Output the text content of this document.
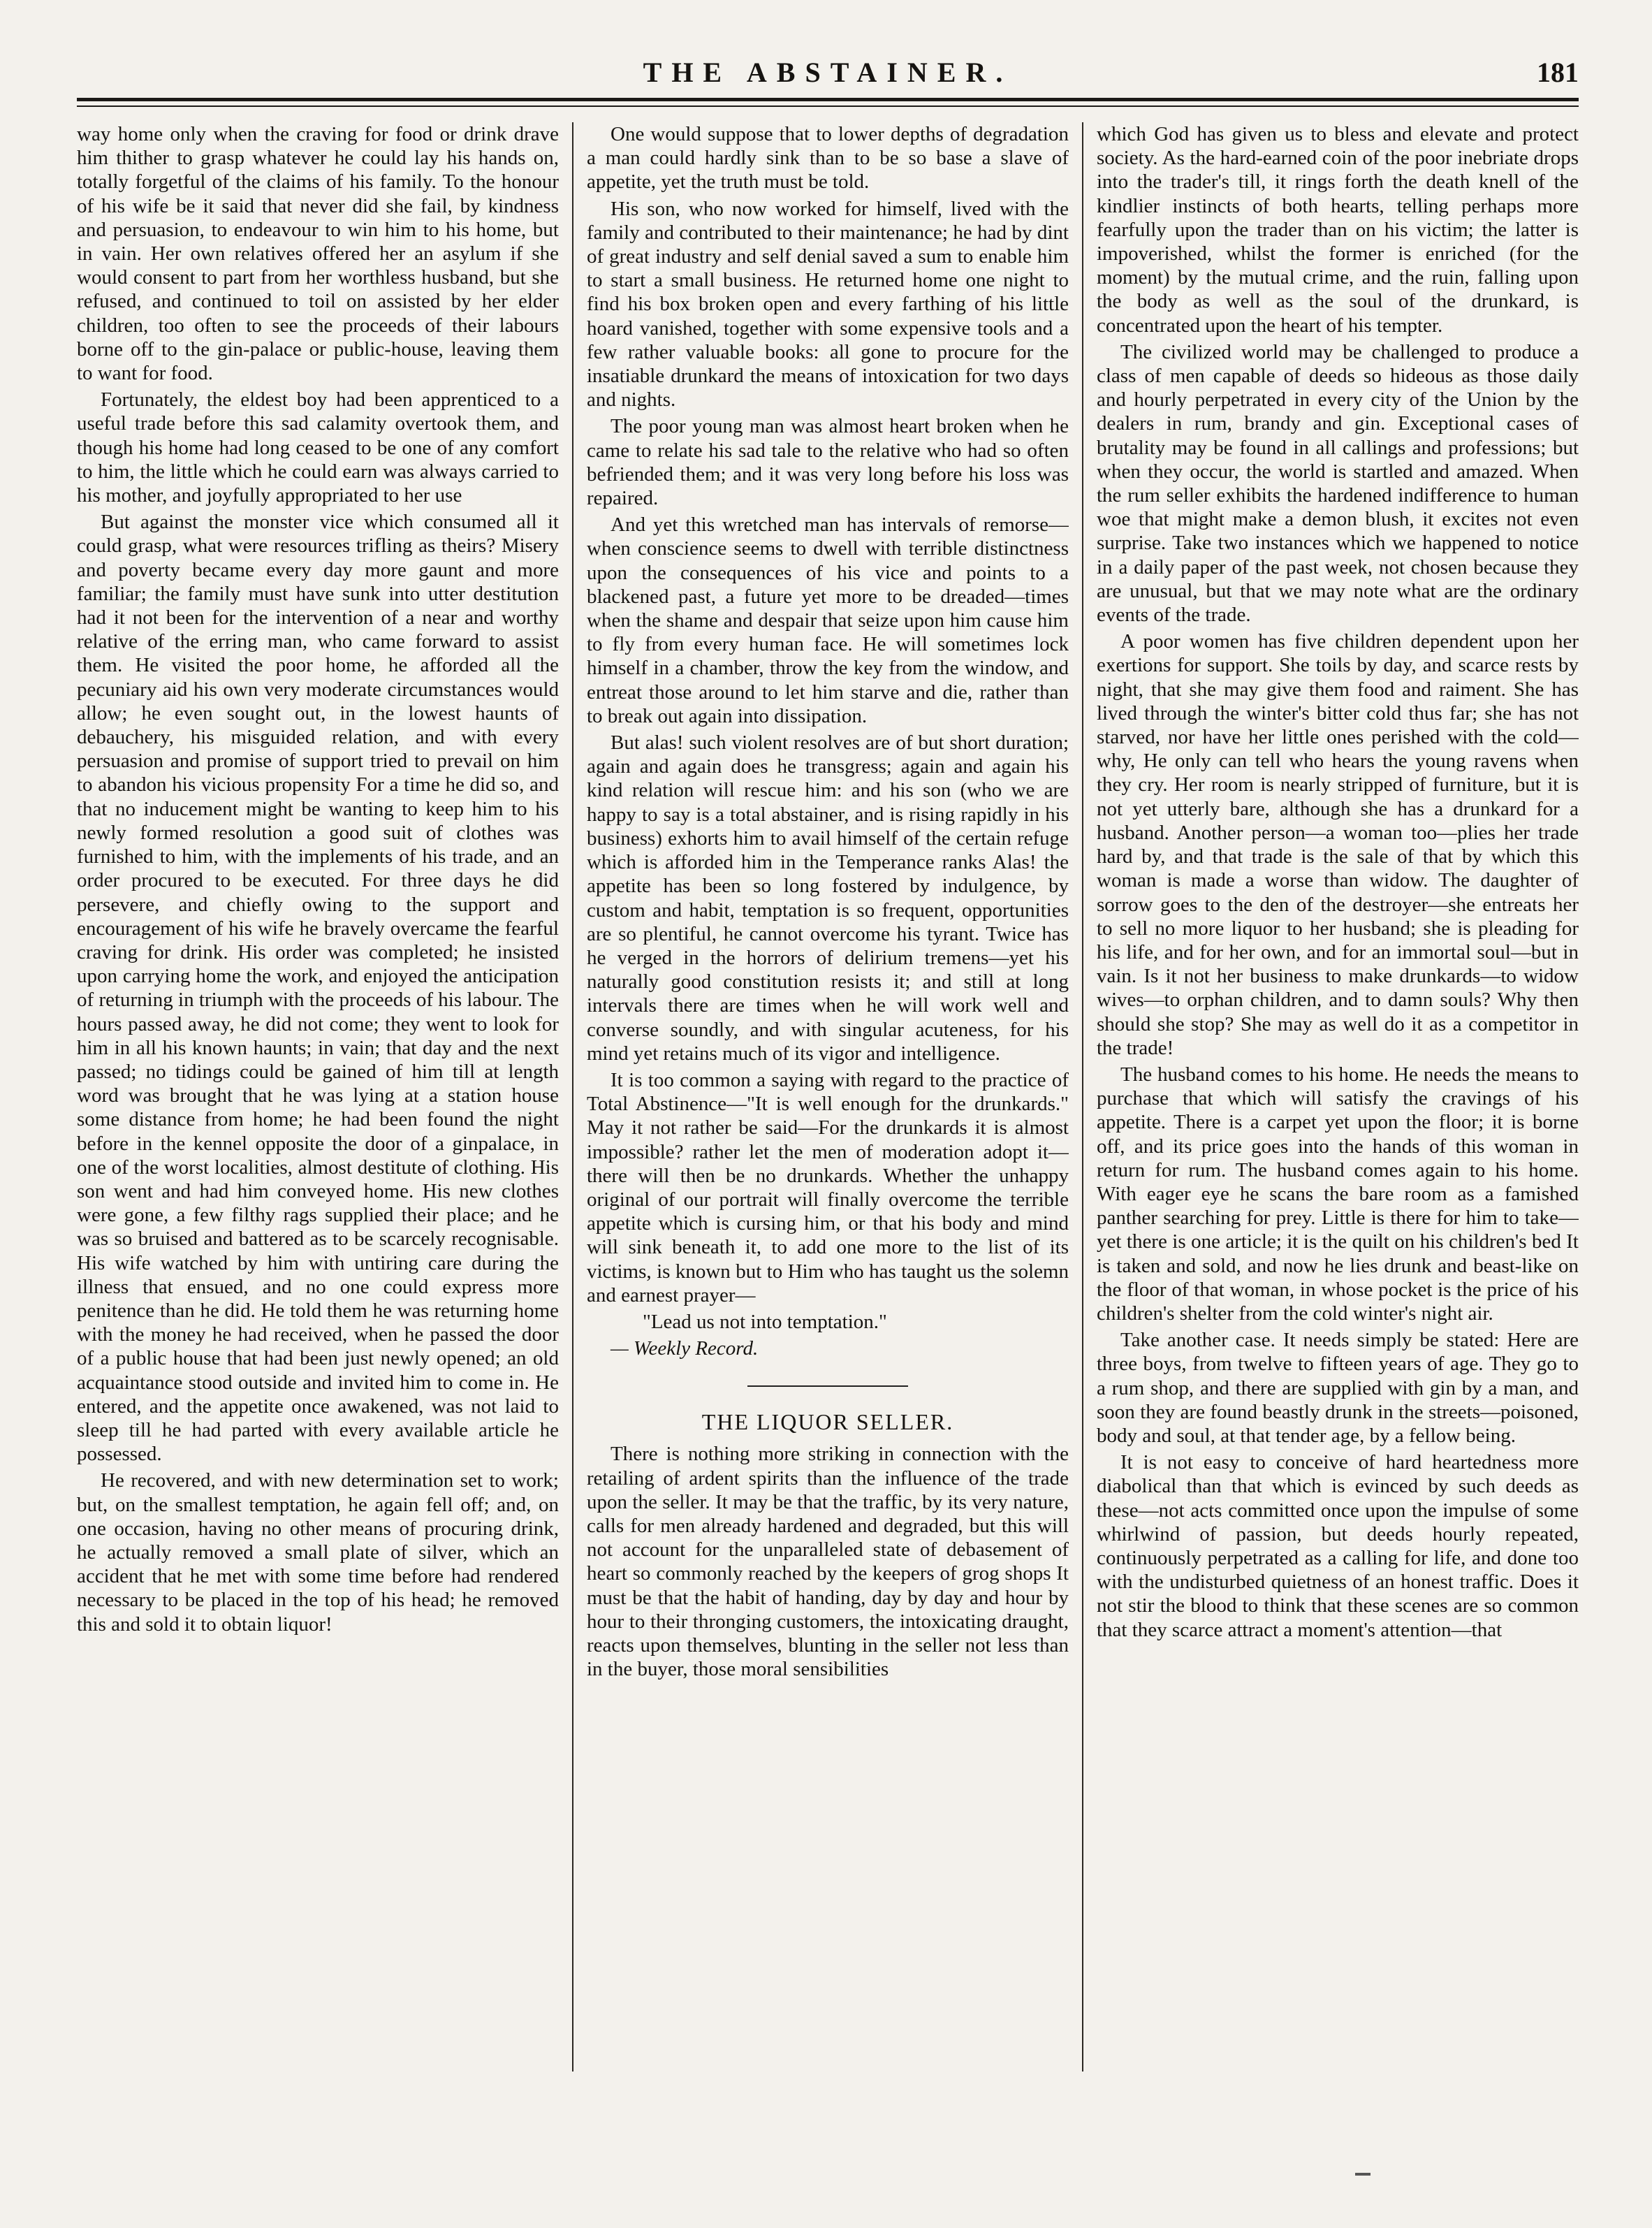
THE ABSTAINER.	181

way home only when the craving for food or drink drave him thither to grasp whatever he could lay his hands on, totally forgetful of the claims of his family. To the honour of his wife be it said that never did she fail, by kindness and persuasion, to endeavour to win him to his home, but in vain. Her own relatives offered her an asylum if she would consent to part from her worthless husband, but she refused, and continued to toil on assisted by her elder children, too often to see the proceeds of their labours borne off to the gin-palace or public-house, leaving them to want for food.

Fortunately, the eldest boy had been apprenticed to a useful trade before this sad calamity overtook them, and though his home had long ceased to be one of any comfort to him, the little which he could earn was always carried to his mother, and joyfully appropriated to her use

But against the monster vice which consumed all it could grasp, what were resources trifling as theirs? Misery and poverty became every day more gaunt and more familiar; the family must have sunk into utter destitution had it not been for the intervention of a near and worthy relative of the erring man, who came forward to assist them. He visited the poor home, he afforded all the pecuniary aid his own very moderate circumstances would allow; he even sought out, in the lowest haunts of debauchery, his misguided relation, and with every persuasion and promise of support tried to prevail on him to abandon his vicious propensity For a time he did so, and that no inducement might be wanting to keep him to his newly formed resolution a good suit of clothes was furnished to him, with the implements of his trade, and an order procured to be executed. For three days he did persevere, and chiefly owing to the support and encouragement of his wife he bravely overcame the fearful craving for drink. His order was completed; he insisted upon carrying home the work, and enjoyed the anticipation of returning in triumph with the proceeds of his labour. The hours passed away, he did not come; they went to look for him in all his known haunts; in vain; that day and the next passed; no tidings could be gained of him till at length word was brought that he was lying at a station house some distance from home; he had been found the night before in the kennel opposite the door of a ginpalace, in one of the worst localities, almost destitute of clothing. His son went and had him conveyed home. His new clothes were gone, a few filthy rags supplied their place; and he was so bruised and battered as to be scarcely recognisable. His wife watched by him with untiring care during the illness that ensued, and no one could express more penitence than he did. He told them he was returning home with the money he had received, when he passed the door of a public house that had been just newly opened; an old acquaintance stood outside and invited him to come in. He entered, and the appetite once awakened, was not laid to sleep till he had parted with every available article he possessed.

He recovered, and with new determination set to work; but, on the smallest temptation, he again fell off; and, on one occasion, having no other means of procuring drink, he actually removed a small plate of silver, which an accident that he met with some time before had rendered necessary to be placed in the top of his head; he removed this and sold it to obtain liquor!

One would suppose that to lower depths of degradation a man could hardly sink than to be so base a slave of appetite, yet the truth must be told.

His son, who now worked for himself, lived with the family and contributed to their maintenance; he had by dint of great industry and self denial saved a sum to enable him to start a small business. He returned home one night to find his box broken open and every farthing of his little hoard vanished, together with some expensive tools and a few rather valuable books: all gone to procure for the insatiable drunkard the means of intoxication for two days and nights.

The poor young man was almost heart broken when he came to relate his sad tale to the relative who had so often befriended them; and it was very long before his loss was repaired.

And yet this wretched man has intervals of remorse—when conscience seems to dwell with terrible distinctness upon the consequences of his vice and points to a blackened past, a future yet more to be dreaded—times when the shame and despair that seize upon him cause him to fly from every human face. He will sometimes lock himself in a chamber, throw the key from the window, and entreat those around to let him starve and die, rather than to break out again into dissipation.

But alas! such violent resolves are of but short duration; again and again does he transgress; again and again his kind relation will rescue him: and his son (who we are happy to say is a total abstainer, and is rising rapidly in his business) exhorts him to avail himself of the certain refuge which is afforded him in the Temperance ranks Alas! the appetite has been so long fostered by indulgence, by custom and habit, temptation is so frequent, opportunities are so plentiful, he cannot overcome his tyrant. Twice has he verged in the horrors of delirium tremens—yet his naturally good constitution resists it; and still at long intervals there are times when he will work well and converse soundly, and with singular acuteness, for his mind yet retains much of its vigor and intelligence.

It is too common a saying with regard to the practice of Total Abstinence—"It is well enough for the drunkards." May it not rather be said—For the drunkards it is almost impossible? rather let the men of moderation adopt it—there will then be no drunkards. Whether the unhappy original of our portrait will finally overcome the terrible appetite which is cursing him, or that his body and mind will sink beneath it, to add one more to the list of its victims, is known but to Him who has taught us the solemn and earnest prayer—

"Lead us not into temptation."

— Weekly Record.

THE LIQUOR SELLER.

There is nothing more striking in connection with the retailing of ardent spirits than the influence of the trade upon the seller. It may be that the traffic, by its very nature, calls for men already hardened and degraded, but this will not account for the unparalleled state of debasement of heart so commonly reached by the keepers of grog shops It must be that the habit of handing, day by day and hour by hour to their thronging customers, the intoxicating draught, reacts upon themselves, blunting in the seller not less than in the buyer, those moral sensibilities

which God has given us to bless and elevate and protect society. As the hard-earned coin of the poor inebriate drops into the trader's till, it rings forth the death knell of the kindlier instincts of both hearts, telling perhaps more fearfully upon the trader than on his victim; the latter is impoverished, whilst the former is enriched (for the moment) by the mutual crime, and the ruin, falling upon the body as well as the soul of the drunkard, is concentrated upon the heart of his tempter.

The civilized world may be challenged to produce a class of men capable of deeds so hideous as those daily and hourly perpetrated in every city of the Union by the dealers in rum, brandy and gin. Exceptional cases of brutality may be found in all callings and professions; but when they occur, the world is startled and amazed. When the rum seller exhibits the hardened indifference to human woe that might make a demon blush, it excites not even surprise. Take two instances which we happened to notice in a daily paper of the past week, not chosen because they are unusual, but that we may note what are the ordinary events of the trade.

A poor women has five children dependent upon her exertions for support. She toils by day, and scarce rests by night, that she may give them food and raiment. She has lived through the winter's bitter cold thus far; she has not starved, nor have her little ones perished with the cold—why, He only can tell who hears the young ravens when they cry. Her room is nearly stripped of furniture, but it is not yet utterly bare, although she has a drunkard for a husband. Another person—a woman too—plies her trade hard by, and that trade is the sale of that by which this woman is made a worse than widow. The daughter of sorrow goes to the den of the destroyer—she entreats her to sell no more liquor to her husband; she is pleading for his life, and for her own, and for an immortal soul—but in vain. Is it not her business to make drunkards—to widow wives—to orphan children, and to damn souls? Why then should she stop? She may as well do it as a competitor in the trade!

The husband comes to his home. He needs the means to purchase that which will satisfy the cravings of his appetite. There is a carpet yet upon the floor; it is borne off, and its price goes into the hands of this woman in return for rum. The husband comes again to his home. With eager eye he scans the bare room as a famished panther searching for prey. Little is there for him to take—yet there is one article; it is the quilt on his children's bed It is taken and sold, and now he lies drunk and beast-like on the floor of that woman, in whose pocket is the price of his children's shelter from the cold winter's night air.

Take another case. It needs simply be stated: Here are three boys, from twelve to fifteen years of age. They go to a rum shop, and there are supplied with gin by a man, and soon they are found beastly drunk in the streets—poisoned, body and soul, at that tender age, by a fellow being.

It is not easy to conceive of hard heartedness more diabolical than that which is evinced by such deeds as these—not acts committed once upon the impulse of some whirlwind of passion, but deeds hourly repeated, continuously perpetrated as a calling for life, and done too with the undisturbed quietness of an honest traffic. Does it not stir the blood to think that these scenes are so common that they scarce attract a moment's attention—that
